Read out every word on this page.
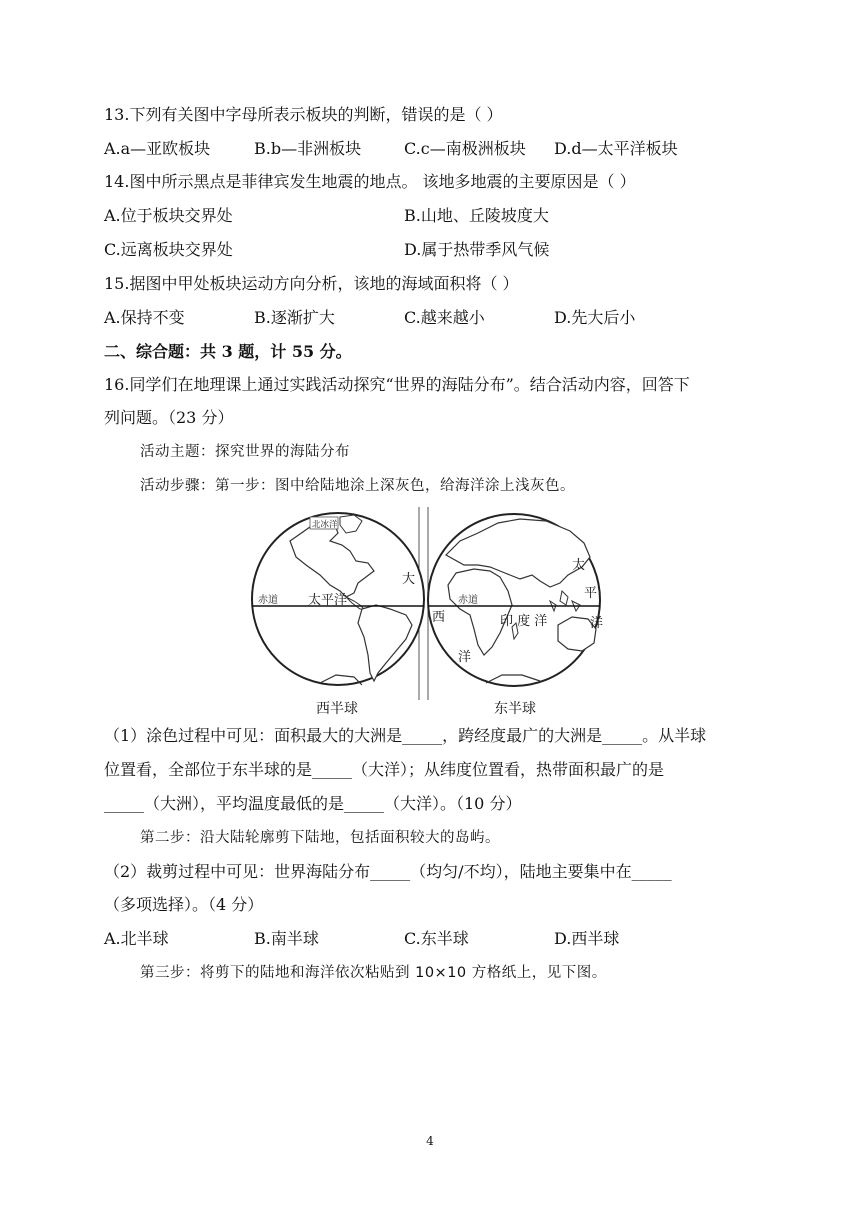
13.下列有关图中字母所表示板块的判断，错误的是（ ）
A.a—亚欧板块	B.b—非洲板块	C.c—南极洲板块 D.d—太平洋板块
14.图中所示黑点是菲律宾发生地震的地点。 该地多地震的主要原因是（ ）
A.位于板块交界处	B.山地、丘陵坡度大
C.远离板块交界处	D.属于热带季风气候
15.据图中甲处板块运动方向分析，该地的海域面积将（ ）
A.保持不变	B.逐渐扩大	C.越来越小	D.先大后小
二、综合题：共 3 题，计 55 分。
16.同学们在地理课上通过实践活动探究“世界的海陆分布”。结合活动内容，回答下
列问题。（23 分）
活动主题：探究世界的海陆分布
活动步骤：第一步：图中给陆地涂上深灰色，给海洋涂上浅灰色。
赤道 太平洋
大
北冰洋
赤道
西
洋
印 度 洋
太
平
洋
西半球	东半球
（1）涂色过程中可见：面积最大的大洲是_____，跨经度最广的大洲是_____。从半球
位置看，全部位于东半球的是_____（大洋）；从纬度位置看，热带面积最广的是
_____（大洲），平均温度最低的是_____（大洋）。（10 分）
第二步：沿大陆轮廓剪下陆地，包括面积较大的岛屿。
（2）裁剪过程中可见：世界海陆分布_____（均匀/不均），陆地主要集中在_____
（多项选择）。（4 分）
A.北半球	B.南半球	C.东半球	D.西半球
第三步：将剪下的陆地和海洋依次粘贴到 10×10 方格纸上，见下图。
4
